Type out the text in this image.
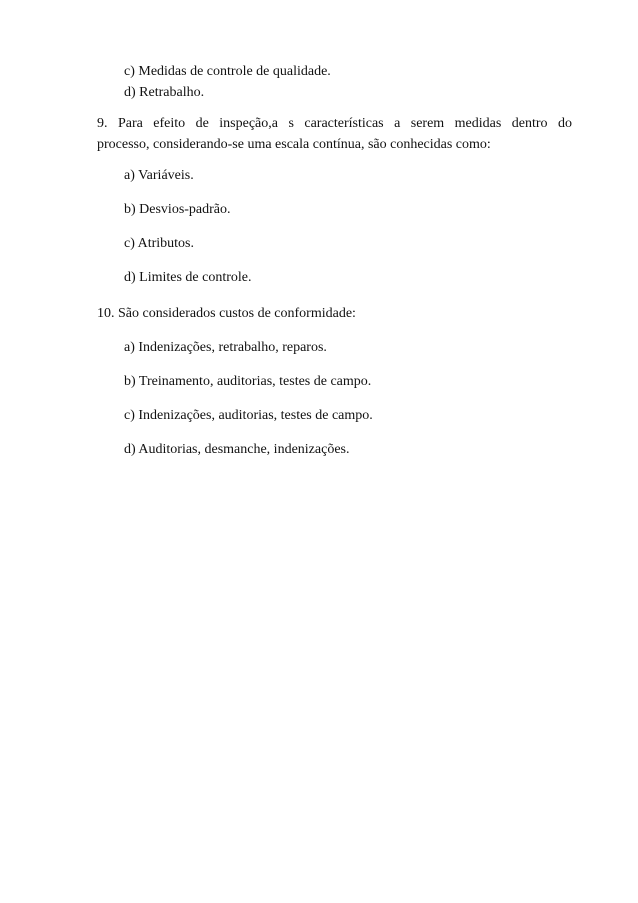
c) Medidas de controle de qualidade.
d) Retrabalho.
9. Para efeito de inspeção,a s características a serem medidas dentro do
processo, considerando-se uma escala contínua, são conhecidas como:
a) Variáveis.
b) Desvios-padrão.
c) Atributos.
d) Limites de controle.
10. São considerados custos de conformidade:
a) Indenizações, retrabalho, reparos.
b) Treinamento, auditorias, testes de campo.
c) Indenizações, auditorias, testes de campo.
d) Auditorias, desmanche, indenizações.
